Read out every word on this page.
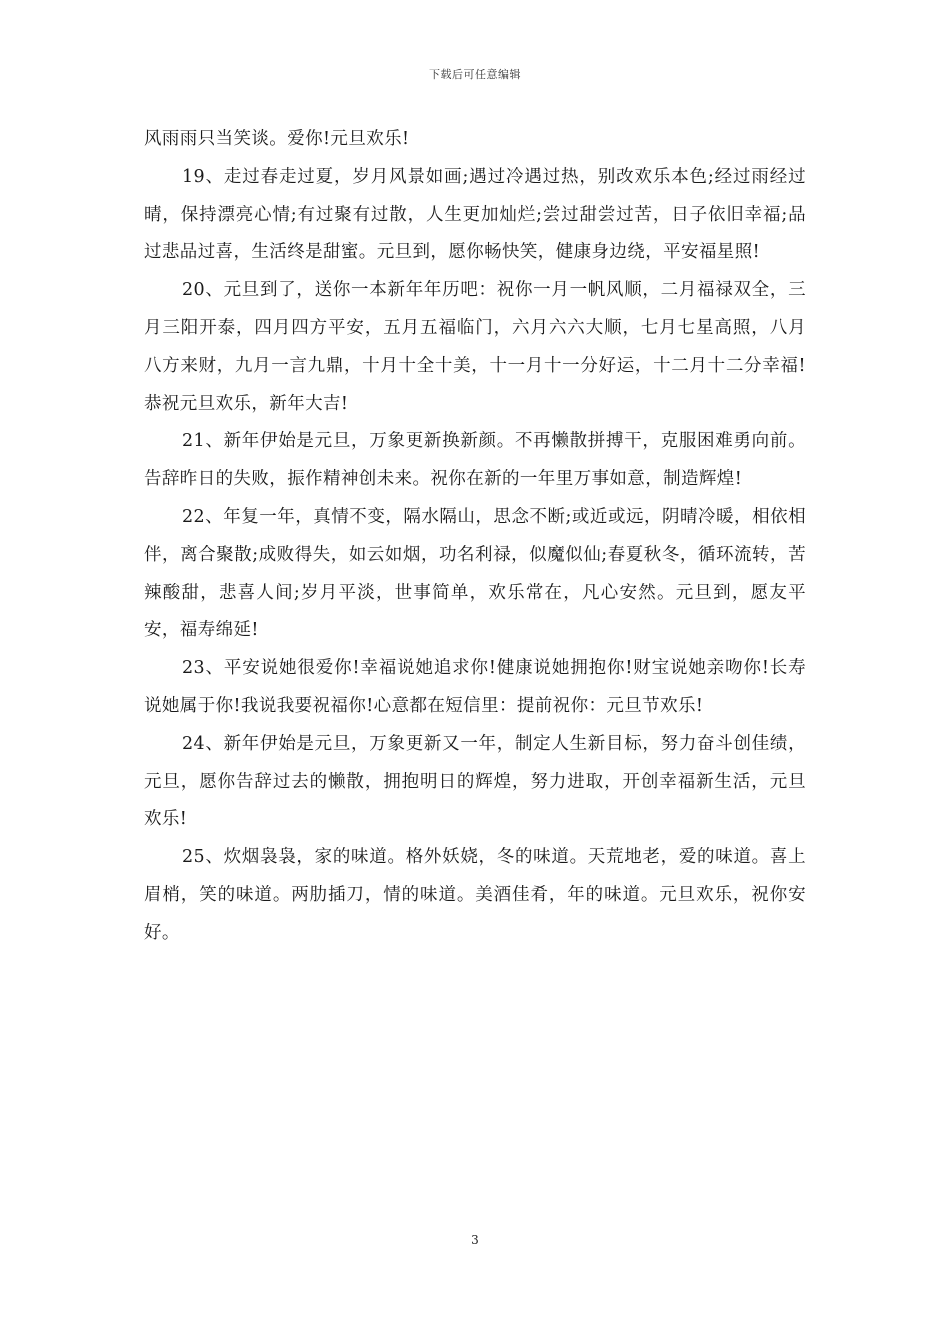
下载后可任意编辑

风雨雨只当笑谈。爱你!元旦欢乐!

19、走过春走过夏，岁月风景如画;遇过冷遇过热，别改欢乐本色;经过雨经过晴，保持漂亮心情;有过聚有过散，人生更加灿烂;尝过甜尝过苦，日子依旧幸福;品过悲品过喜，生活终是甜蜜。元旦到，愿你畅快笑，健康身边绕，平安福星照!

20、元旦到了，送你一本新年年历吧：祝你一月一帆风顺，二月福禄双全，三月三阳开泰，四月四方平安，五月五福临门，六月六六大顺，七月七星高照，八月八方来财，九月一言九鼎，十月十全十美，十一月十一分好运，十二月十二分幸福!恭祝元旦欢乐，新年大吉!

21、新年伊始是元旦，万象更新换新颜。不再懒散拼搏干，克服困难勇向前。告辞昨日的失败，振作精神创未来。祝你在新的一年里万事如意，制造辉煌!

22、年复一年，真情不变，隔水隔山，思念不断;或近或远，阴晴冷暖，相依相伴，离合聚散;成败得失，如云如烟，功名利禄，似魔似仙;春夏秋冬，循环流转，苦辣酸甜，悲喜人间;岁月平淡，世事简单，欢乐常在，凡心安然。元旦到，愿友平安，福寿绵延!

23、平安说她很爱你!幸福说她追求你!健康说她拥抱你!财宝说她亲吻你!长寿说她属于你!我说我要祝福你!心意都在短信里：提前祝你：元旦节欢乐!

24、新年伊始是元旦，万象更新又一年，制定人生新目标，努力奋斗创佳绩，元旦，愿你告辞过去的懒散，拥抱明日的辉煌，努力进取，开创幸福新生活，元旦欢乐!

25、炊烟袅袅，家的味道。格外妖娆，冬的味道。天荒地老，爱的味道。喜上眉梢，笑的味道。两肋插刀，情的味道。美酒佳肴，年的味道。元旦欢乐，祝你安好。

3
